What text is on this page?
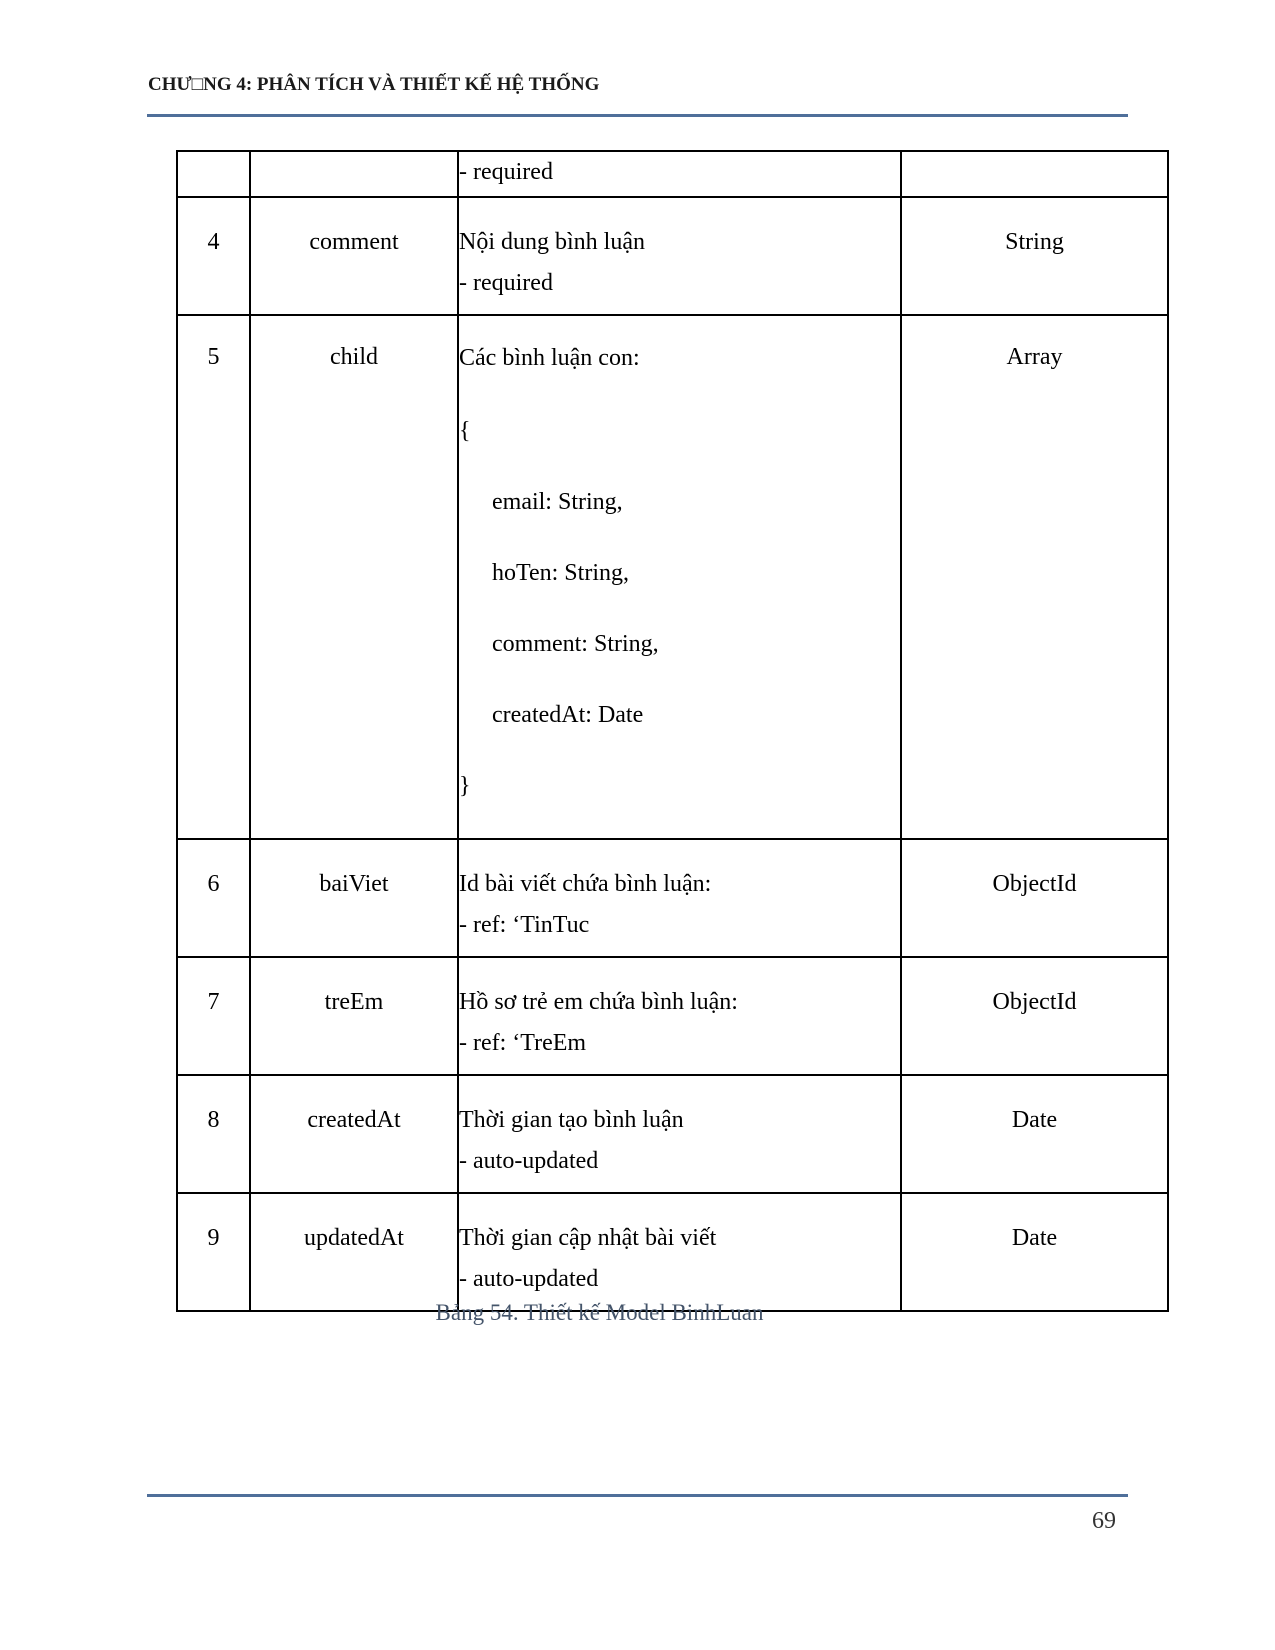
CHƯ□NG 4: PHÂN TÍCH VÀ THIẾT KẾ HỆ THỐNG

		- required	

4	comment	Nội dung bình luận
- required	String

5	child	Các bình luận con:
{
email: String,
hoTen: String,
comment: String,
createdAt: Date
}
	Array

6	baiViet	Id bài viết chứa bình luận:
- ref: ‘TinTuc	ObjectId

7	treEm	Hồ sơ trẻ em chứa bình luận:
- ref: ‘TreEm	ObjectId

8	createdAt	Thời gian tạo bình luận
- auto-updated	Date

9	updatedAt	Thời gian cập nhật bài viết
- auto-updated	Date
Bảng 54. Thiết kế Model BinhLuan
69
